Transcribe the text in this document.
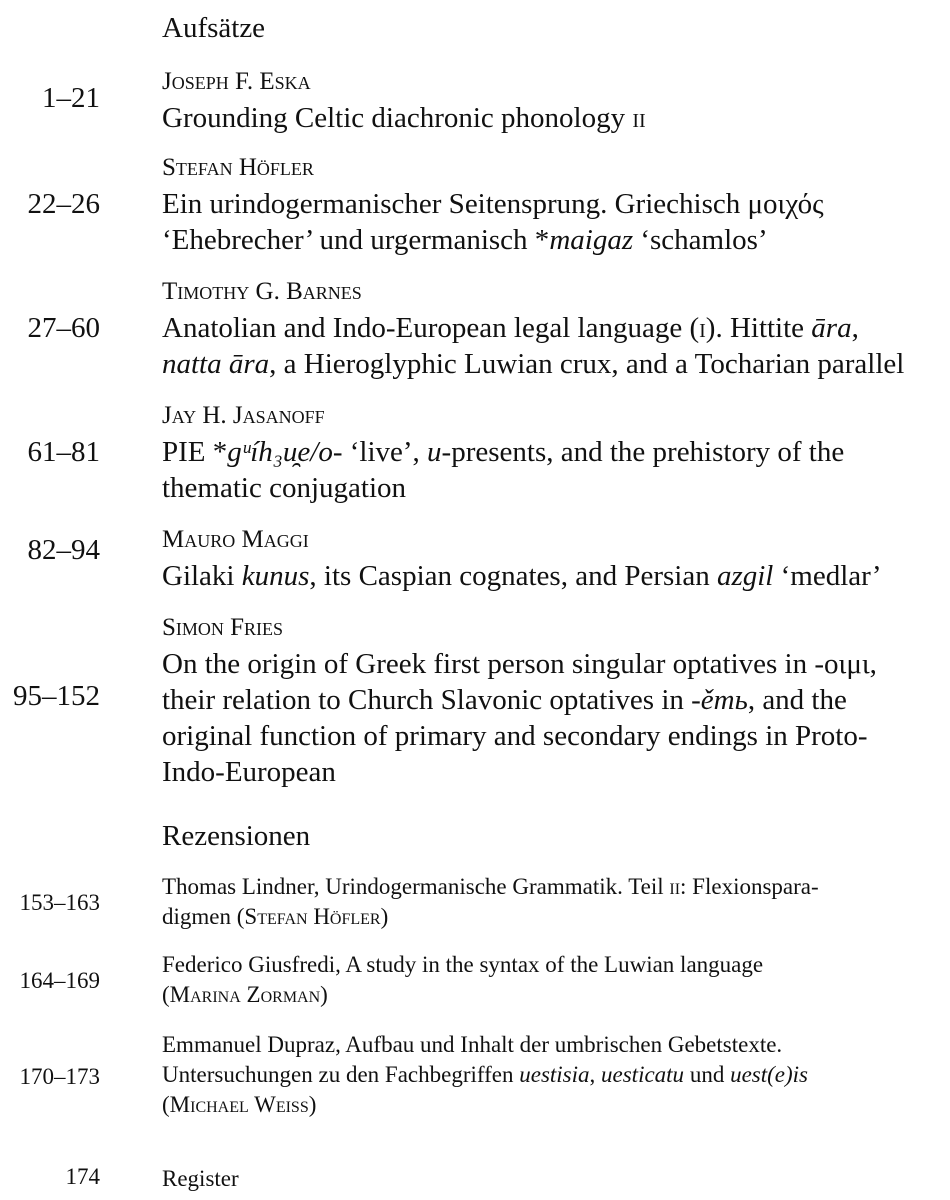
Aufsätze
1–21
Joseph F. Eska
Grounding Celtic diachronic phonology ii
22–26
Stefan Höfler
Ein urindogermanischer Seitensprung. Griechisch μοιχός
‘Ehebrecher’ und urgermanisch *maigaz ‘schamlos’
27–60
Timothy G. Barnes
Anatolian and Indo-European legal language (i). Hittite āra,
natta āra, a Hieroglyphic Luwian crux, and a Tocharian parallel
61–81
Jay H. Jasanoff
PIE *gᵘíh₃u̯e/o- ‘live’, u-presents, and the prehistory of the
thematic conjugation
82–94 Mauro Maggi
Gilaki kunus, its Caspian cognates, and Persian azgil ‘medlar’
95–152
Simon Fries
On the origin of Greek first person singular optatives in -οιμι,
their relation to Church Slavonic optatives in -ěmь, and the
original function of primary and secondary endings in Proto-
Indo-European
Rezensionen
153–163
Thomas Lindner, Urindogermanische Grammatik. Teil ii: Flexionspara-
digmen (Stefan Höfler)
164–169
Federico Giusfredi, A study in the syntax of the Luwian language
(Marina Zorman)
170–173
Emmanuel Dupraz, Aufbau und Inhalt der umbrischen Gebetstexte.
Untersuchungen zu den Fachbegriffen uestisia, uesticatu und uest(e)is
(Michael Weiss)
174	Register
